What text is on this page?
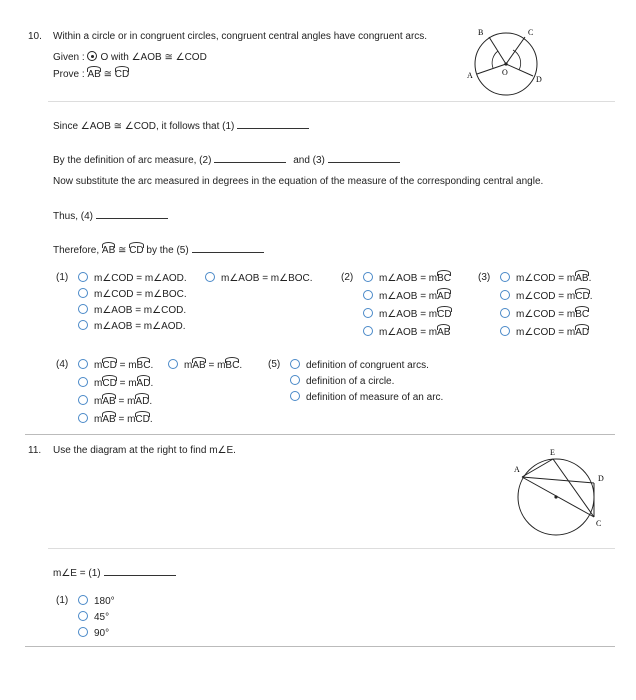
10. Within a circle or in congruent circles, congruent central angles have congruent arcs.
Given : O with ∠AOB ≅ ∠COD
Prove : AB ≅ CD
B	C
A	O
D
Since ∠AOB ≅ ∠COD, it follows that (1)
By the definition of arc measure, (2)	and (3)
Now substitute the arc measured in degrees in the equation of the measure of the corresponding central angle.
Thus, (4)
Therefore, AB ≅ CD by the (5)
(1)	m∠COD = m∠AOD.	m∠AOB = m∠BOC.
m∠COD = m∠BOC.
m∠AOB = m∠COD.
m∠AOB = m∠AOD.
(2)	m∠AOB = mBC
m∠AOB = mAD
m∠AOB = mCD
m∠AOB = mAB
(3)	m∠COD = mAB.
m∠COD = mCD.
m∠COD = mBC
m∠COD = mAD
(4)	mCD = mBC.	mAB = mBC.
mCD = mAD.
mAB = mAD.
mAB = mCD.
(5)	definition of congruent arcs.
definition of a circle.
definition of measure of an arc.
11. Use the diagram at the right to find m∠E.	E
A
D
C
m∠E = (1)
(1)	180°
45°
90°
